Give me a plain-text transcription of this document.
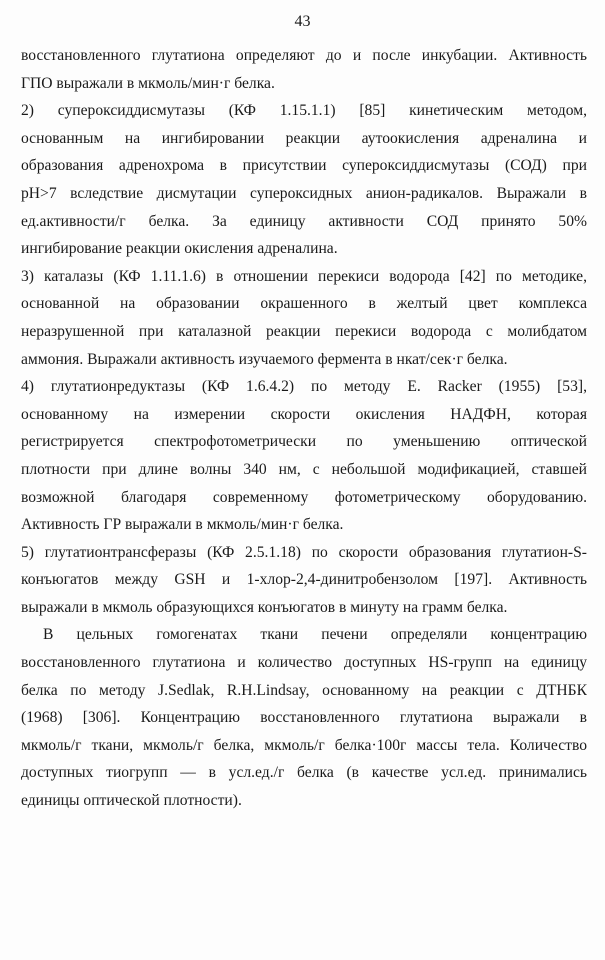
43
восстановленного глутатиона определяют до и после инкубации. Активность
ГПО выражали в мкмоль/мин·г белка.
2) супероксиддисмутазы (КФ 1.15.1.1) [85] кинетическим методом,
основанным на ингибировании реакции аутоокисления адреналина и
образования адренохрома в присутствии супероксиддисмутазы (СОД) при
рН>7 вследствие дисмутации супероксидных анион-радикалов. Выражали в
ед.активности/г белка. За единицу активности СОД принято 50%
ингибирование реакции окисления адреналина.
3) каталазы (КФ 1.11.1.6) в отношении перекиси водорода [42] по методике,
основанной на образовании окрашенного в желтый цвет комплекса
неразрушенной при каталазной реакции перекиси водорода с молибдатом
аммония. Выражали активность изучаемого фермента в нкат/сек·г белка.
4) глутатионредуктазы (КФ 1.6.4.2) по методу E. Racker (1955) [53],
основанному на измерении скорости окисления НАДФН, которая
регистрируется спектрофотометрически по уменьшению оптической
плотности при длине волны 340 нм, с небольшой модификацией, ставшей
возможной благодаря современному фотометрическому оборудованию.
Активность ГР выражали в мкмоль/мин·г белка.
5) глутатионтрансферазы (КФ 2.5.1.18) по скорости образования глутатион-S-
конъюгатов между GSH и 1-хлор-2,4-динитробензолом [197]. Активность
выражали в мкмоль образующихся конъюгатов в минуту на грамм белка.
В цельных гомогенатах ткани печени определяли концентрацию
восстановленного глутатиона и количество доступных HS-групп на единицу
белка по методу J.Sedlak, R.H.Lindsay, основанному на реакции с ДТНБК
(1968) [306]. Концентрацию восстановленного глутатиона выражали в
мкмоль/г ткани, мкмоль/г белка, мкмоль/г белка·100г массы тела. Количество
доступных тиогрупп — в усл.ед./г белка (в качестве усл.ед. принимались
единицы оптической плотности).
